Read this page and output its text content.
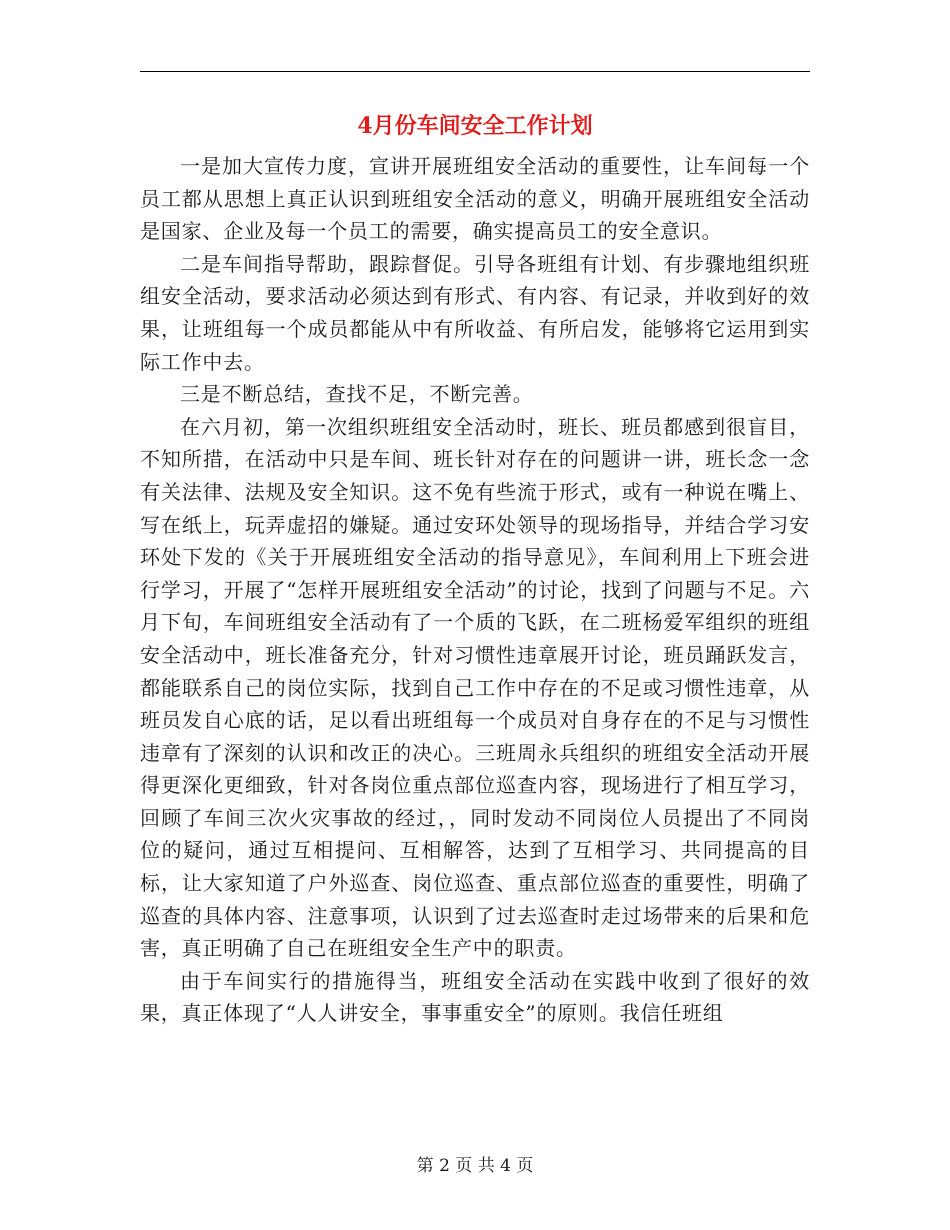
4月份车间安全工作计划

一是加大宣传力度，宣讲开展班组安全活动的重要性，让车间每一个员工都从思想上真正认识到班组安全活动的意义，明确开展班组安全活动是国家、企业及每一个员工的需要，确实提高员工的安全意识。

二是车间指导帮助，跟踪督促。引导各班组有计划、有步骤地组织班组安全活动，要求活动必须达到有形式、有内容、有记录，并收到好的效果，让班组每一个成员都能从中有所收益、有所启发，能够将它运用到实际工作中去。

三是不断总结，查找不足，不断完善。

在六月初，第一次组织班组安全活动时，班长、班员都感到很盲目，不知所措，在活动中只是车间、班长针对存在的问题讲一讲，班长念一念有关法律、法规及安全知识。这不免有些流于形式，或有一种说在嘴上、写在纸上，玩弄虚招的嫌疑。通过安环处领导的现场指导，并结合学习安环处下发的《关于开展班组安全活动的指导意见》，车间利用上下班会进行学习，开展了“怎样开展班组安全活动”的讨论，找到了问题与不足。六月下旬，车间班组安全活动有了一个质的飞跃，在二班杨爱军组织的班组安全活动中，班长准备充分，针对习惯性违章展开讨论，班员踊跃发言，都能联系自己的岗位实际，找到自己工作中存在的不足或习惯性违章，从班员发自心底的话，足以看出班组每一个成员对自身存在的不足与习惯性违章有了深刻的认识和改正的决心。三班周永兵组织的班组安全活动开展得更深化更细致，针对各岗位重点部位巡查内容，现场进行了相互学习，回顾了车间三次火灾事故的经过，，同时发动不同岗位人员提出了不同岗位的疑问，通过互相提问、互相解答，达到了互相学习、共同提高的目标，让大家知道了户外巡查、岗位巡查、重点部位巡查的重要性，明确了巡查的具体内容、注意事项，认识到了过去巡查时走过场带来的后果和危害，真正明确了自己在班组安全生产中的职责。

由于车间实行的措施得当，班组安全活动在实践中收到了很好的效果，真正体现了“人人讲安全，事事重安全”的原则。我信任班组

第 2 页 共 4 页
